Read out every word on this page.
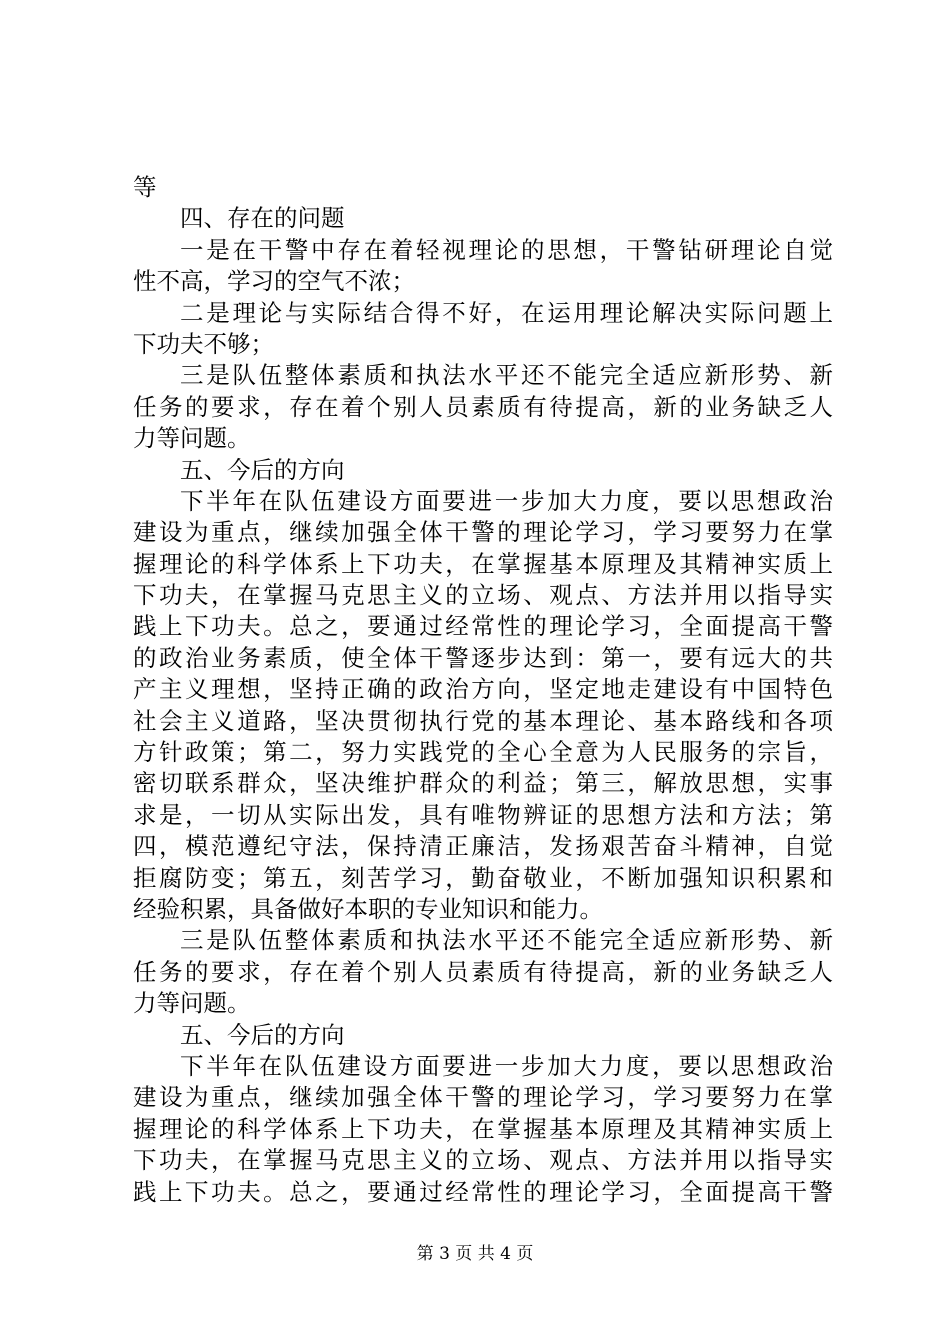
等
四、存在的问题
一是在干警中存在着轻视理论的思想，干警钻研理论自觉
性不高，学习的空气不浓；
二是理论与实际结合得不好，在运用理论解决实际问题上
下功夫不够；
三是队伍整体素质和执法水平还不能完全适应新形势、新
任务的要求，存在着个别人员素质有待提高，新的业务缺乏人
力等问题。
五、今后的方向
下半年在队伍建设方面要进一步加大力度，要以思想政治
建设为重点，继续加强全体干警的理论学习，学习要努力在掌
握理论的科学体系上下功夫，在掌握基本原理及其精神实质上
下功夫，在掌握马克思主义的立场、观点、方法并用以指导实
践上下功夫。总之，要通过经常性的理论学习，全面提高干警
的政治业务素质，使全体干警逐步达到：第一，要有远大的共
产主义理想，坚持正确的政治方向，坚定地走建设有中国特色
社会主义道路，坚决贯彻执行党的基本理论、基本路线和各项
方针政策；第二，努力实践党的全心全意为人民服务的宗旨，
密切联系群众，坚决维护群众的利益；第三，解放思想，实事
求是，一切从实际出发，具有唯物辨证的思想方法和方法；第
四，模范遵纪守法，保持清正廉洁，发扬艰苦奋斗精神，自觉
拒腐防变；第五，刻苦学习，勤奋敬业，不断加强知识积累和
经验积累，具备做好本职的专业知识和能力。
三是队伍整体素质和执法水平还不能完全适应新形势、新
任务的要求，存在着个别人员素质有待提高，新的业务缺乏人
力等问题。
五、今后的方向
下半年在队伍建设方面要进一步加大力度，要以思想政治
建设为重点，继续加强全体干警的理论学习，学习要努力在掌
握理论的科学体系上下功夫，在掌握基本原理及其精神实质上
下功夫，在掌握马克思主义的立场、观点、方法并用以指导实
践上下功夫。总之，要通过经常性的理论学习，全面提高干警
第 3 页 共 4 页
